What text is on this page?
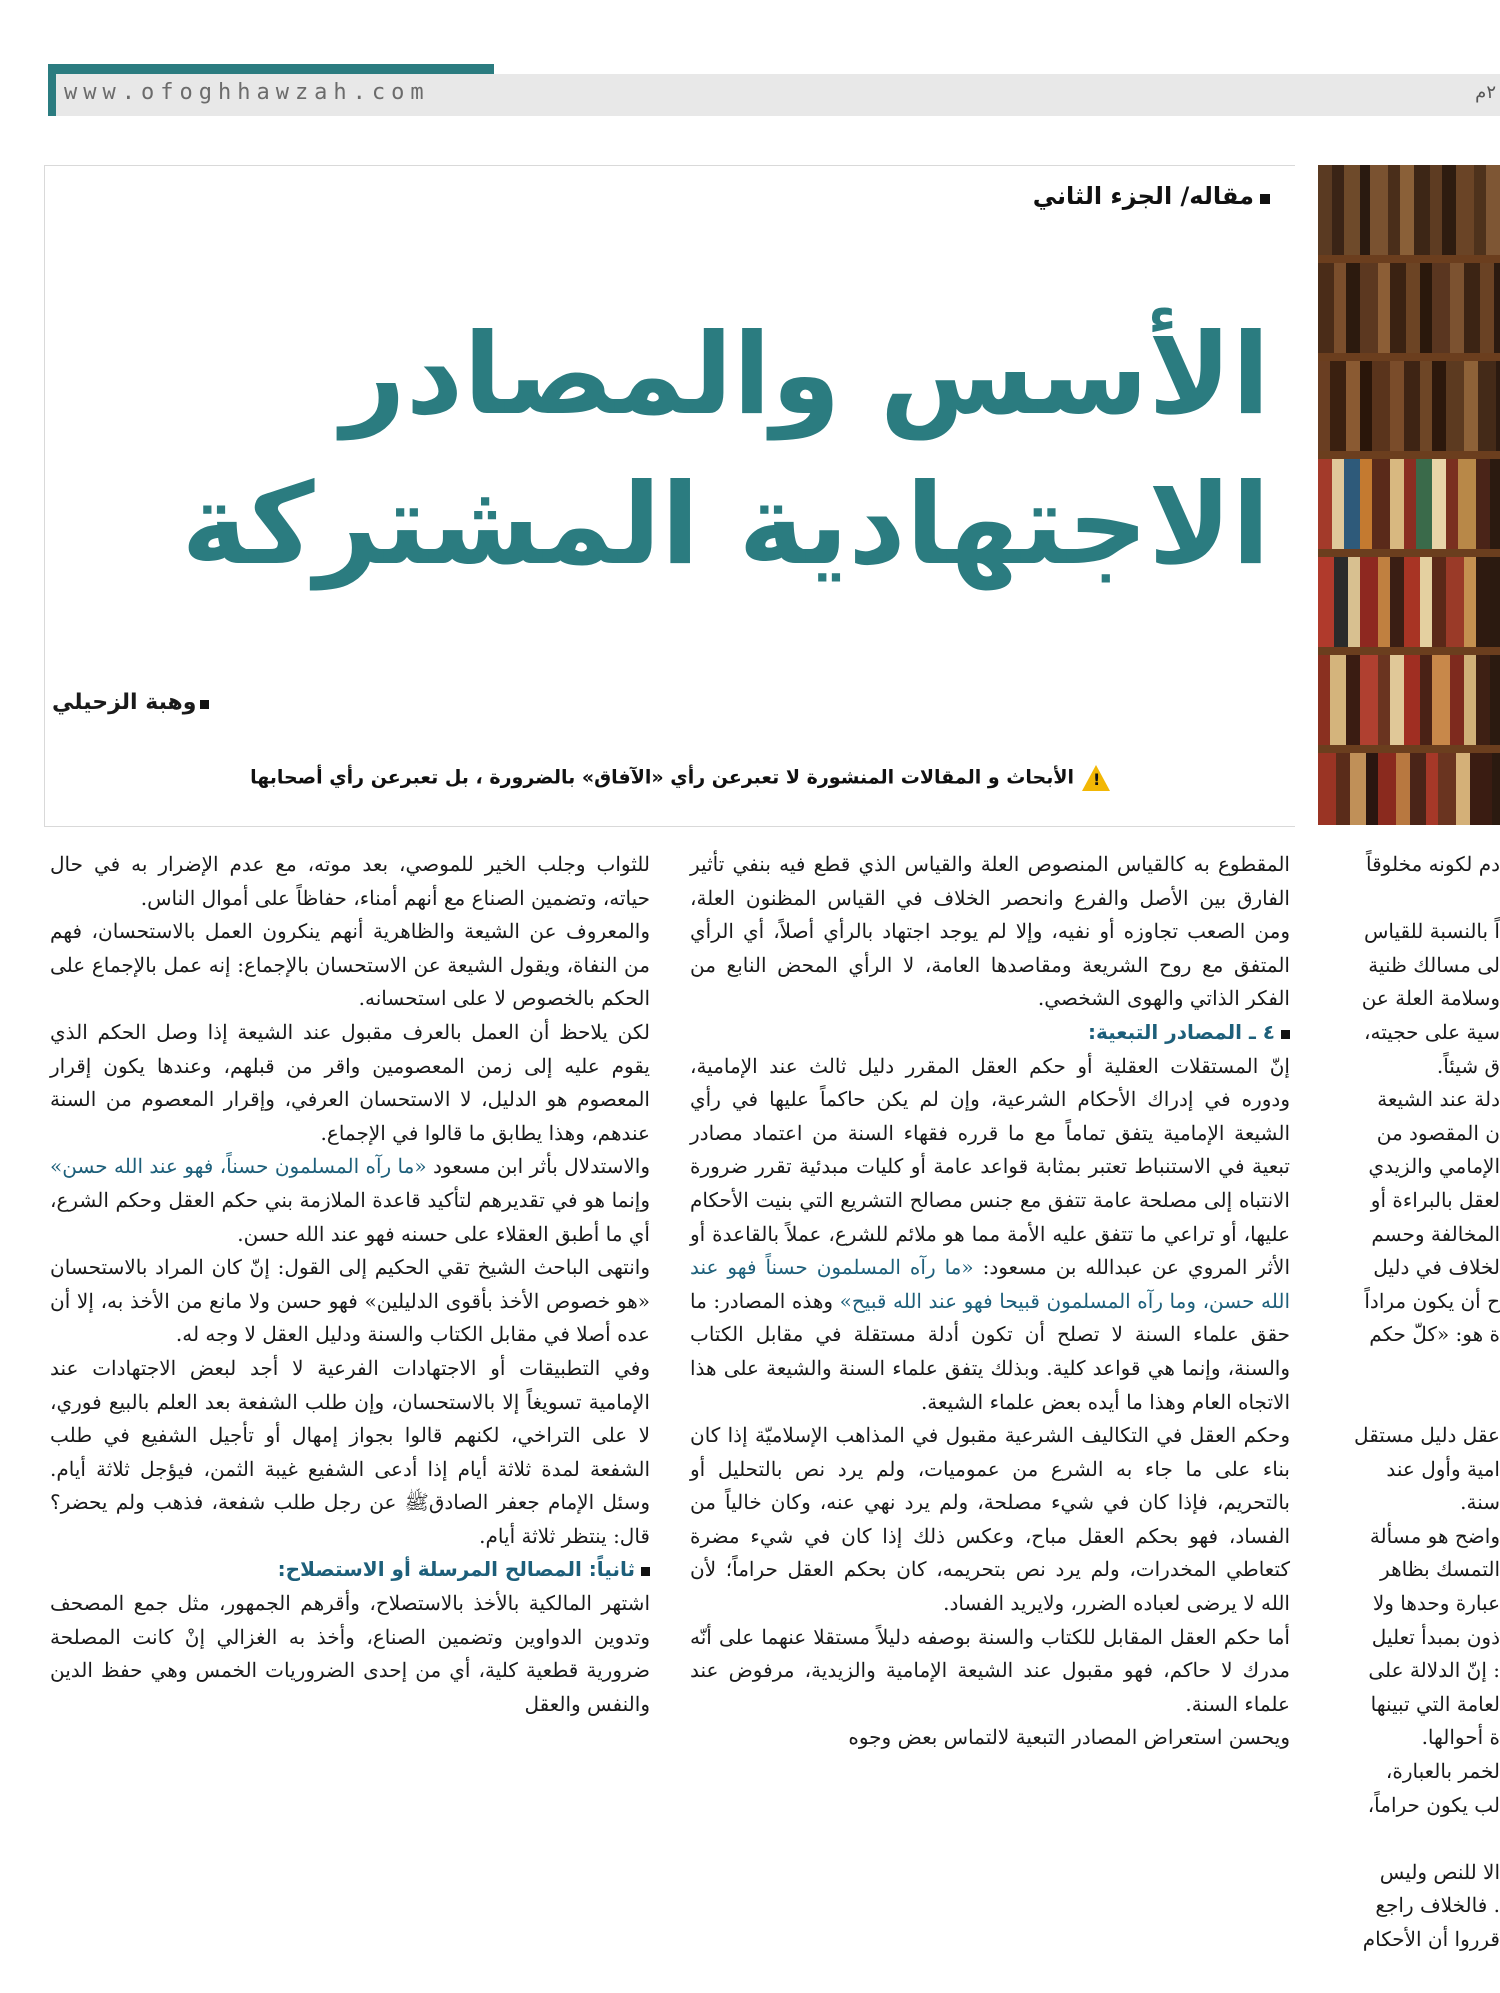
www.ofoghhawzah.com	٢م
مقاله/ الجزء الثاني
الأسس والمصادر
الاجتهادية المشتركة
وهبة الزحيلي
!الأبحاث و المقالات المنشورة لا تعبرعن رأي «الآفاق» بالضرورة ، بل تعبرعن رأي أصحابها
دم لكونه مخلوقاً
اً بالنسبة للقياس
لى مسالك ظنية
وسلامة العلة عن
سية على حجيته،
ق شيئاً.
دلة عند الشيعة
ن المقصود من
الإمامي والزيدي
لعقل بالبراءة أو
المخالفة وحسم
لخلاف في دليل
ح أن يكون مراداً
ة هو: «كلّ حكم
عقل دليل مستقل
امية وأول عند
سنة.
واضح هو مسألة
التمسك بظاهر
عبارة وحدها ولا
ذون بمبدأ تعليل
: إنّ الدلالة على
لعامة التي تبينها
ة أحوالها.
لخمر بالعبارة،
لب يكون حراماً،
الا للنص وليس
. فالخلاف راجع
قرروا أن الأحكام

المقطوع به كالقياس المنصوص العلة والقياس الذي قطع فيه بنفي تأثير الفارق بين الأصل والفرع وانحصر الخلاف في القياس المظنون العلة، ومن الصعب تجاوزه أو نفيه، وإلا لم يوجد اجتهاد بالرأي أصلاً، أي الرأي المتفق مع روح الشريعة ومقاصدها العامة، لا الرأي المحض النابع من الفكر الذاتي والهوى الشخصي.

٤ ـ المصادر التبعية:

إنّ المستقلات العقلية أو حكم العقل المقرر دليل ثالث عند الإمامية، ودوره في إدراك الأحكام الشرعية، وإن لم يكن حاكماً عليها في رأي الشيعة الإمامية يتفق تماماً مع ما قرره فقهاء السنة من اعتماد مصادر تبعية في الاستنباط تعتبر بمثابة قواعد عامة أو كليات مبدئية تقرر ضرورة الانتباه إلى مصلحة عامة تتفق مع جنس مصالح التشريع التي بنيت الأحكام عليها، أو تراعي ما تتفق عليه الأمة مما هو ملائم للشرع، عملاً بالقاعدة أو الأثر المروي عن عبدالله بن مسعود: «ما رآه المسلمون حسناً فهو عند الله حسن، وما رآه المسلمون قبيحا فهو عند الله قبيح» وهذه المصادر: ما حقق علماء السنة لا تصلح أن تكون أدلة مستقلة في مقابل الكتاب والسنة، وإنما هي قواعد كلية. وبذلك يتفق علماء السنة والشيعة على هذا الاتجاه العام وهذا ما أيده بعض علماء الشيعة.

وحكم العقل في التكاليف الشرعية مقبول في المذاهب الإسلاميّة إذا كان بناء على ما جاء به الشرع من عموميات، ولم يرد نص بالتحليل أو بالتحريم، فإذا كان في شيء مصلحة، ولم يرد نهي عنه، وكان خالياً من الفساد، فهو بحكم العقل مباح، وعكس ذلك إذا كان في شيء مضرة كتعاطي المخدرات، ولم يرد نص بتحريمه، كان بحكم العقل حراماً؛ لأن الله لا يرضى لعباده الضرر، ولايريد الفساد.

أما حكم العقل المقابل للكتاب والسنة بوصفه دليلاً مستقلا عنهما على أنّه مدرك لا حاكم، فهو مقبول عند الشيعة الإمامية والزيدية، مرفوض عند علماء السنة.

ويحسن استعراض المصادر التبعية لالتماس بعض وجوه

للثواب وجلب الخير للموصي، بعد موته، مع عدم الإضرار به في حال حياته، وتضمين الصناع مع أنهم أمناء، حفاظاً على أموال الناس.

والمعروف عن الشيعة والظاهرية أنهم ينكرون العمل بالاستحسان، فهم من النفاة، ويقول الشيعة عن الاستحسان بالإجماع: إنه عمل بالإجماع على الحكم بالخصوص لا على استحسانه.

لكن يلاحظ أن العمل بالعرف مقبول عند الشيعة إذا وصل الحكم الذي يقوم عليه إلى زمن المعصومين واقر من قبلهم، وعندها يكون إقرار المعصوم هو الدليل، لا الاستحسان العرفي، وإقرار المعصوم من السنة عندهم، وهذا يطابق ما قالوا في الإجماع.

والاستدلال بأثر ابن مسعود «ما رآه المسلمون حسناً، فهو عند الله حسن» وإنما هو في تقديرهم لتأكيد قاعدة الملازمة بني حكم العقل وحكم الشرع، أي ما أطبق العقلاء على حسنه فهو عند الله حسن.

وانتهى الباحث الشيخ تقي الحكيم إلى القول: إنّ كان المراد بالاستحسان «هو خصوص الأخذ بأقوى الدليلين» فهو حسن ولا مانع من الأخذ به، إلا أن عده أصلا في مقابل الكتاب والسنة ودليل العقل لا وجه له.

وفي التطبيقات أو الاجتهادات الفرعية لا أجد لبعض الاجتهادات عند الإمامية تسويغاً إلا بالاستحسان، وإن طلب الشفعة بعد العلم بالبيع فوري، لا على التراخي، لكنهم قالوا بجواز إمهال أو تأجيل الشفيع في طلب الشفعة لمدة ثلاثة أيام إذا أدعى الشفيع غيبة الثمن، فيؤجل ثلاثة أيام. وسئل الإمام جعفر الصادقﷺ عن رجل طلب شفعة، فذهب ولم يحضر؟ قال: ينتظر ثلاثة أيام.

ثانياً: المصالح المرسلة أو الاستصلاح:

اشتهر المالكية بالأخذ بالاستصلاح، وأقرهم الجمهور، مثل جمع المصحف وتدوين الدواوين وتضمين الصناع، وأخذ به الغزالي إنْ كانت المصلحة ضرورية قطعية كلية، أي من إحدى الضروريات الخمس وهي حفظ الدين والنفس والعقل
